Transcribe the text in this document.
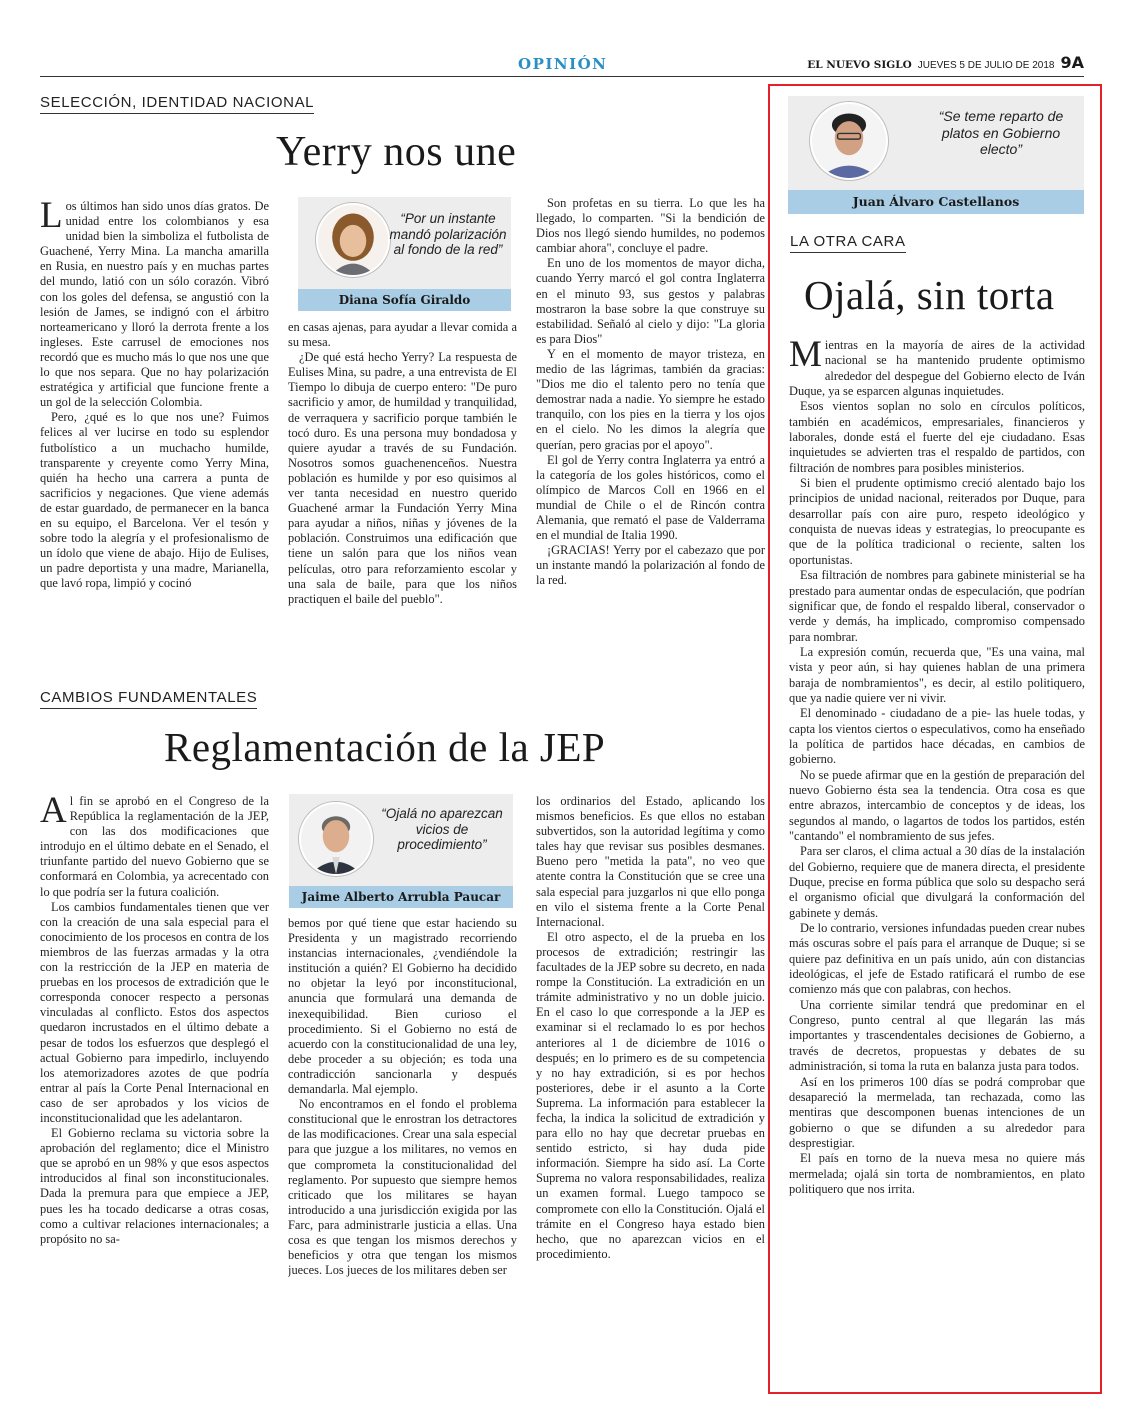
OPINIÓN	EL NUEVO SIGLO JUEVES 5 DE JULIO DE 2018 9A
SELECCIÓN, IDENTIDAD NACIONAL
Yerry nos une

Los últimos han sido unos días gratos. De unidad entre los colombianos y esa unidad bien la simboliza el futbolista de Guachené, Yerry Mina. La mancha amarilla en Rusia, en nuestro país y en muchas partes del mundo, latió con un sólo corazón. Vibró con los goles del defensa, se angustió con la lesión de James, se indignó con el árbitro norteamericano y lloró la derrota frente a los ingleses. Este carrusel de emociones nos recordó que es mucho más lo que nos une que lo que nos separa. Que no hay polarización estratégica y artificial que funcione frente a un gol de la selección Colombia.

Pero, ¿qué es lo que nos une? Fuimos felices al ver lucirse en todo su esplendor futbolístico a un muchacho humilde, transparente y creyente como Yerry Mina, quién ha hecho una carrera a punta de sacrificios y negaciones. Que viene además de estar guardado, de permanecer en la banca en su equipo, el Barcelona. Ver el tesón y sobre todo la alegría y el profesionalismo de un ídolo que viene de abajo. Hijo de Eulises, un padre deportista y una madre, Marianella, que lavó ropa, limpió y cocinó

“Por un instante mandó polarización al fondo de la red”
Diana Sofía Giraldo

en casas ajenas, para ayudar a llevar comida a su mesa.

¿De qué está hecho Yerry? La respuesta de Eulises Mina, su padre, a una entrevista de El Tiempo lo dibuja de cuerpo entero: "De puro sacrificio y amor, de humildad y tranquilidad, de verraquera y sacrificio porque también le tocó duro. Es una persona muy bondadosa y quiere ayudar a través de su Fundación. Nosotros somos guachenenceños. Nuestra población es humilde y por eso quisimos al ver tanta necesidad en nuestro querido Guachené armar la Fundación Yerry Mina para ayudar a niños, niñas y jóvenes de la población. Construimos una edificación que tiene un salón para que los niños vean películas, otro para reforzamiento escolar y una sala de baile, para que los niños practiquen el baile del pueblo".

Son profetas en su tierra. Lo que les ha llegado, lo comparten. "Si la bendición de Dios nos llegó siendo humildes, no podemos cambiar ahora", concluye el padre.

En uno de los momentos de mayor dicha, cuando Yerry marcó el gol contra Inglaterra en el minuto 93, sus gestos y palabras mostraron la base sobre la que construye su estabilidad. Señaló al cielo y dijo: "La gloria es para Dios"

Y en el momento de mayor tristeza, en medio de las lágrimas, también da gracias: "Dios me dio el talento pero no tenía que demostrar nada a nadie. Yo siempre he estado tranquilo, con los pies en la tierra y los ojos en el cielo. No les dimos la alegría que querían, pero gracias por el apoyo".

El gol de Yerry contra Inglaterra ya entró a la categoría de los goles históricos, como el olímpico de Marcos Coll en 1966 en el mundial de Chile o el de Rincón contra Alemania, que remató el pase de Valderrama en el mundial de Italia 1990.

¡GRACIAS! Yerry por el cabezazo que por un instante mandó la polarización al fondo de la red.

CAMBIOS FUNDAMENTALES
Reglamentación de la JEP

Al fin se aprobó en el Congreso de la República la reglamentación de la JEP, con las dos modificaciones que introdujo en el último debate en el Senado, el triunfante partido del nuevo Gobierno que se conformará en Colombia, ya acrecentado con lo que podría ser la futura coalición.

Los cambios fundamentales tienen que ver con la creación de una sala especial para el conocimiento de los procesos en contra de los miembros de las fuerzas armadas y la otra con la restricción de la JEP en materia de pruebas en los procesos de extradición que le corresponda conocer respecto a personas vinculadas al conflicto. Estos dos aspectos quedaron incrustados en el último debate a pesar de todos los esfuerzos que desplegó el actual Gobierno para impedirlo, incluyendo los atemorizadores azotes de que podría entrar al país la Corte Penal Internacional en caso de ser aprobados y los vicios de inconstitucionalidad que les adelantaron.

El Gobierno reclama su victoria sobre la aprobación del reglamento; dice el Ministro que se aprobó en un 98% y que esos aspectos introducidos al final son inconstitucionales. Dada la premura para que empiece a JEP, pues les ha tocado dedicarse a otras cosas, como a cultivar relaciones internacionales; a propósito no sa-

“Ojalá no aparezcan vicios de procedimiento”
Jaime Alberto Arrubla Paucar

bemos por qué tiene que estar haciendo su Presidenta y un magistrado recorriendo instancias internacionales, ¿vendiéndole la institución a quién? El Gobierno ha decidido no objetar la leyó por inconstitucional, anuncia que formulará una demanda de inexequibilidad. Bien curioso el procedimiento. Si el Gobierno no está de acuerdo con la constitucionalidad de una ley, debe proceder a su objeción; es toda una contradicción sancionarla y después demandarla. Mal ejemplo.

No encontramos en el fondo el problema constitucional que le enrostran los detractores de las modificaciones. Crear una sala especial para que juzgue a los militares, no vemos en que comprometa la constitucionalidad del reglamento. Por supuesto que siempre hemos criticado que los militares se hayan introducido a una jurisdicción exigida por las Farc, para administrarle justicia a ellas. Una cosa es que tengan los mismos derechos y beneficios y otra que tengan los mismos jueces. Los jueces de los militares deben ser

los ordinarios del Estado, aplicando los mismos beneficios. Es que ellos no estaban subvertidos, son la autoridad legítima y como tales hay que revisar sus posibles desmanes. Bueno pero "metida la pata", no veo que atente contra la Constitución que se cree una sala especial para juzgarlos ni que ello ponga en vilo el sistema frente a la Corte Penal Internacional.

El otro aspecto, el de la prueba en los procesos de extradición; restringir las facultades de la JEP sobre su decreto, en nada rompe la Constitución. La extradición en un trámite administrativo y no un doble juicio. En el caso lo que corresponde a la JEP es examinar si el reclamado lo es por hechos anteriores al 1 de diciembre de 1016 o después; en lo primero es de su competencia y no hay extradición, si es por hechos posteriores, debe ir el asunto a la Corte Suprema. La información para establecer la fecha, la indica la solicitud de extradición y para ello no hay que decretar pruebas en sentido estricto, si hay duda pide información. Siempre ha sido así. La Corte Suprema no valora responsabilidades, realiza un examen formal. Luego tampoco se compromete con ello la Constitución. Ojalá el trámite en el Congreso haya estado bien hecho, que no aparezcan vicios en el procedimiento.

“Se teme reparto de platos en Gobierno electo”
Juan Álvaro Castellanos
LA OTRA CARA
Ojalá, sin torta

Mientras en la mayoría de aires de la actividad nacional se ha mantenido prudente optimismo alrededor del despegue del Gobierno electo de Iván Duque, ya se esparcen algunas inquietudes.

Esos vientos soplan no solo en círculos políticos, también en académicos, empresariales, financieros y laborales, donde está el fuerte del eje ciudadano. Esas inquietudes se advierten tras el respaldo de partidos, con filtración de nombres para posibles ministerios.

Si bien el prudente optimismo creció alentado bajo los principios de unidad nacional, reiterados por Duque, para desarrollar país con aire puro, respeto ideológico y conquista de nuevas ideas y estrategias, lo preocupante es que de la política tradicional o reciente, salten los oportunistas.

Esa filtración de nombres para gabinete ministerial se ha prestado para aumentar ondas de especulación, que podrían significar que, de fondo el respaldo liberal, conservador o verde y demás, ha implicado, compromiso compensado para nombrar.

La expresión común, recuerda que, "Es una vaina, mal vista y peor aún, si hay quienes hablan de una primera baraja de nombramientos", es decir, al estilo politiquero, que ya nadie quiere ver ni vivir.

El denominado - ciudadano de a pie- las huele todas, y capta los vientos ciertos o especulativos, como ha enseñado la política de partidos hace décadas, en cambios de gobierno.

No se puede afirmar que en la gestión de preparación del nuevo Gobierno ésta sea la tendencia. Otra cosa es que entre abrazos, intercambio de conceptos y de ideas, los segundos al mando, o lagartos de todos los partidos, estén "cantando" el nombramiento de sus jefes.

Para ser claros, el clima actual a 30 días de la instalación del Gobierno, requiere que de manera directa, el presidente Duque, precise en forma pública que solo su despacho será el organismo oficial que divulgará la conformación del gabinete y demás.

De lo contrario, versiones infundadas pueden crear nubes más oscuras sobre el país para el arranque de Duque; si se quiere paz definitiva en un país unido, aún con distancias ideológicas, el jefe de Estado ratificará el rumbo de ese comienzo más que con palabras, con hechos.

Una corriente similar tendrá que predominar en el Congreso, punto central al que llegarán las más importantes y trascendentales decisiones de Gobierno, a través de decretos, propuestas y debates de su administración, si toma la ruta en balanza justa para todos.

Así en los primeros 100 días se podrá comprobar que desapareció la mermelada, tan rechazada, como las mentiras que descomponen buenas intenciones de un gobierno o que se difunden a su alrededor para desprestigiar.

El país en torno de la nueva mesa no quiere más mermelada; ojalá sin torta de nombramientos, en plato politiquero que nos irrita.
